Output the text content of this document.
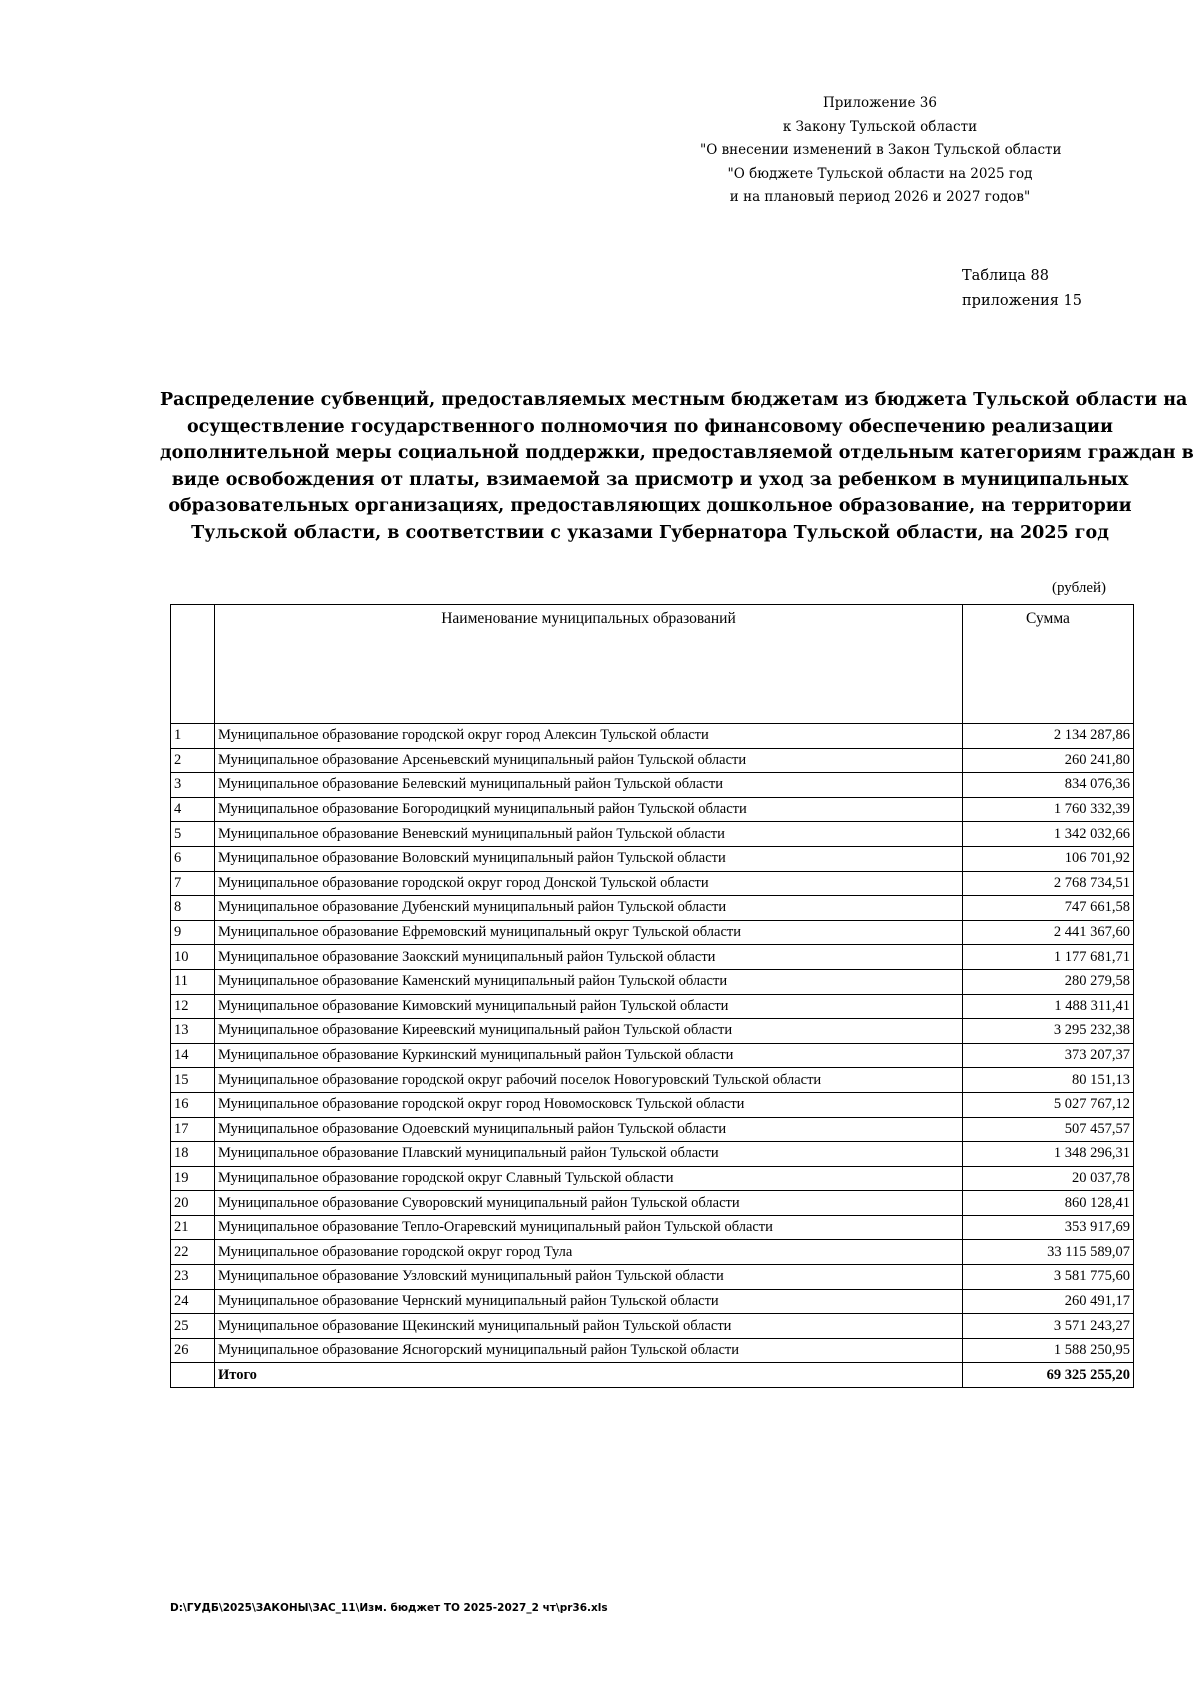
Приложение 36
к Закону Тульской области
"О внесении изменений в Закон Тульской области
"О бюджете Тульской области на 2025 год
и на плановый период 2026 и 2027 годов"
Таблица 88
приложения 15
Распределение субвенций, предоставляемых местным бюджетам из бюджета Тульской области на
осуществление государственного полномочия по финансовому обеспечению реализации
дополнительной меры социальной поддержки, предоставляемой отдельным категориям граждан в
виде освобождения от платы, взимаемой за присмотр и уход за ребенком в муниципальных
образовательных организациях, предоставляющих дошкольное образование, на территории
Тульской области, в соответствии с указами Губернатора Тульской области, на 2025 год
(рублей)
	Наименование муниципальных образований	Сумма
1	Муниципальное образование городской округ город Алексин Тульской области	2 134 287,86
2	Муниципальное образование Арсеньевский муниципальный район Тульской области	260 241,80
3	Муниципальное образование Белевский муниципальный район Тульской области	834 076,36
4	Муниципальное образование Богородицкий муниципальный район Тульской области	1 760 332,39
5	Муниципальное образование Веневский муниципальный район Тульской области	1 342 032,66
6	Муниципальное образование Воловский муниципальный район Тульской области	106 701,92
7	Муниципальное образование городской округ город Донской Тульской области	2 768 734,51
8	Муниципальное образование Дубенский муниципальный район Тульской области	747 661,58
9	Муниципальное образование Ефремовский муниципальный округ Тульской области	2 441 367,60
10	Муниципальное образование Заокский муниципальный район Тульской области	1 177 681,71
11	Муниципальное образование Каменский муниципальный район Тульской области	280 279,58
12	Муниципальное образование Кимовский муниципальный район Тульской области	1 488 311,41
13	Муниципальное образование Киреевский муниципальный район Тульской области	3 295 232,38
14	Муниципальное образование Куркинский муниципальный район Тульской области	373 207,37
15	Муниципальное образование городской округ рабочий поселок Новогуровский Тульской области	80 151,13
16	Муниципальное образование городской округ город Новомосковск Тульской области	5 027 767,12
17	Муниципальное образование Одоевский муниципальный район Тульской области	507 457,57
18	Муниципальное образование Плавский муниципальный район Тульской области	1 348 296,31
19	Муниципальное образование городской округ Славный Тульской области	20 037,78
20	Муниципальное образование Суворовский муниципальный район Тульской области	860 128,41
21	Муниципальное образование Тепло-Огаревский муниципальный район Тульской области	353 917,69
22	Муниципальное образование городской округ город Тула	33 115 589,07
23	Муниципальное образование Узловский муниципальный район Тульской области	3 581 775,60
24	Муниципальное образование Чернский муниципальный район Тульской области	260 491,17
25	Муниципальное образование Щекинский муниципальный район Тульской области	3 571 243,27
26	Муниципальное образование Ясногорский муниципальный район Тульской области	1 588 250,95
	Итого	69 325 255,20
D:\ГУДБ\2025\ЗАКОНЫ\ЗАС_11\Изм. бюджет ТО 2025-2027_2 чт\pr36.xls
